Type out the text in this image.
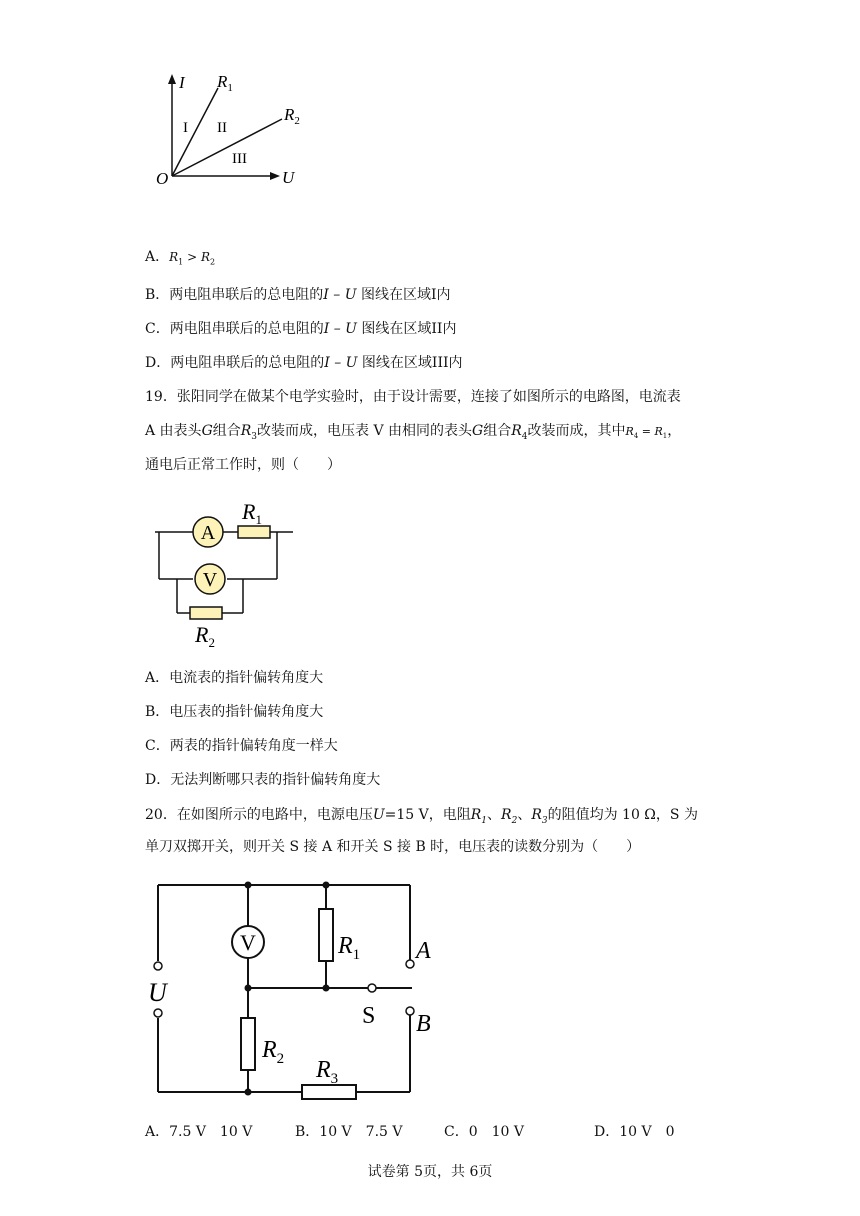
I
U
O
$R_1$
$R_2$
I II
III
A．$R_1 > R_2$
B．两电阻串联后的总电阻的I – U 图线在区域I内
C．两电阻串联后的总电阻的I – U 图线在区域II内
D．两电阻串联后的总电阻的I – U 图线在区域III内
19．张阳同学在做某个电学实验时，由于设计需要，连接了如图所示的电路图，电流表
A 由表头G组合$R_3$改装而成，电压表 V 由相同的表头G组合$R_4$改装而成，其中$R_4 = R_1$，
通电后正常工作时，则（　　）
A
$R_1$
V
$R_2$
A．电流表的指针偏转角度大
B．电压表的指针偏转角度大
C．两表的指针偏转角度一样大
D．无法判断哪只表的指针偏转角度大
20．在如图所示的电路中，电源电压U=15 V，电阻$R_1$、$R_2$、$R_3$的阻值均为 10 Ω，S 为
单刀双掷开关，则开关 S 接 A 和开关 S 接 B 时，电压表的读数分别为（　　）
U
A
B
V	$R_1$
S
$R_2$ $R_3$
A．7.5 V　10 V	B．10 V　7.5 V	C．0　10 V	D．10 V　0
试卷第 5页，共 6页
